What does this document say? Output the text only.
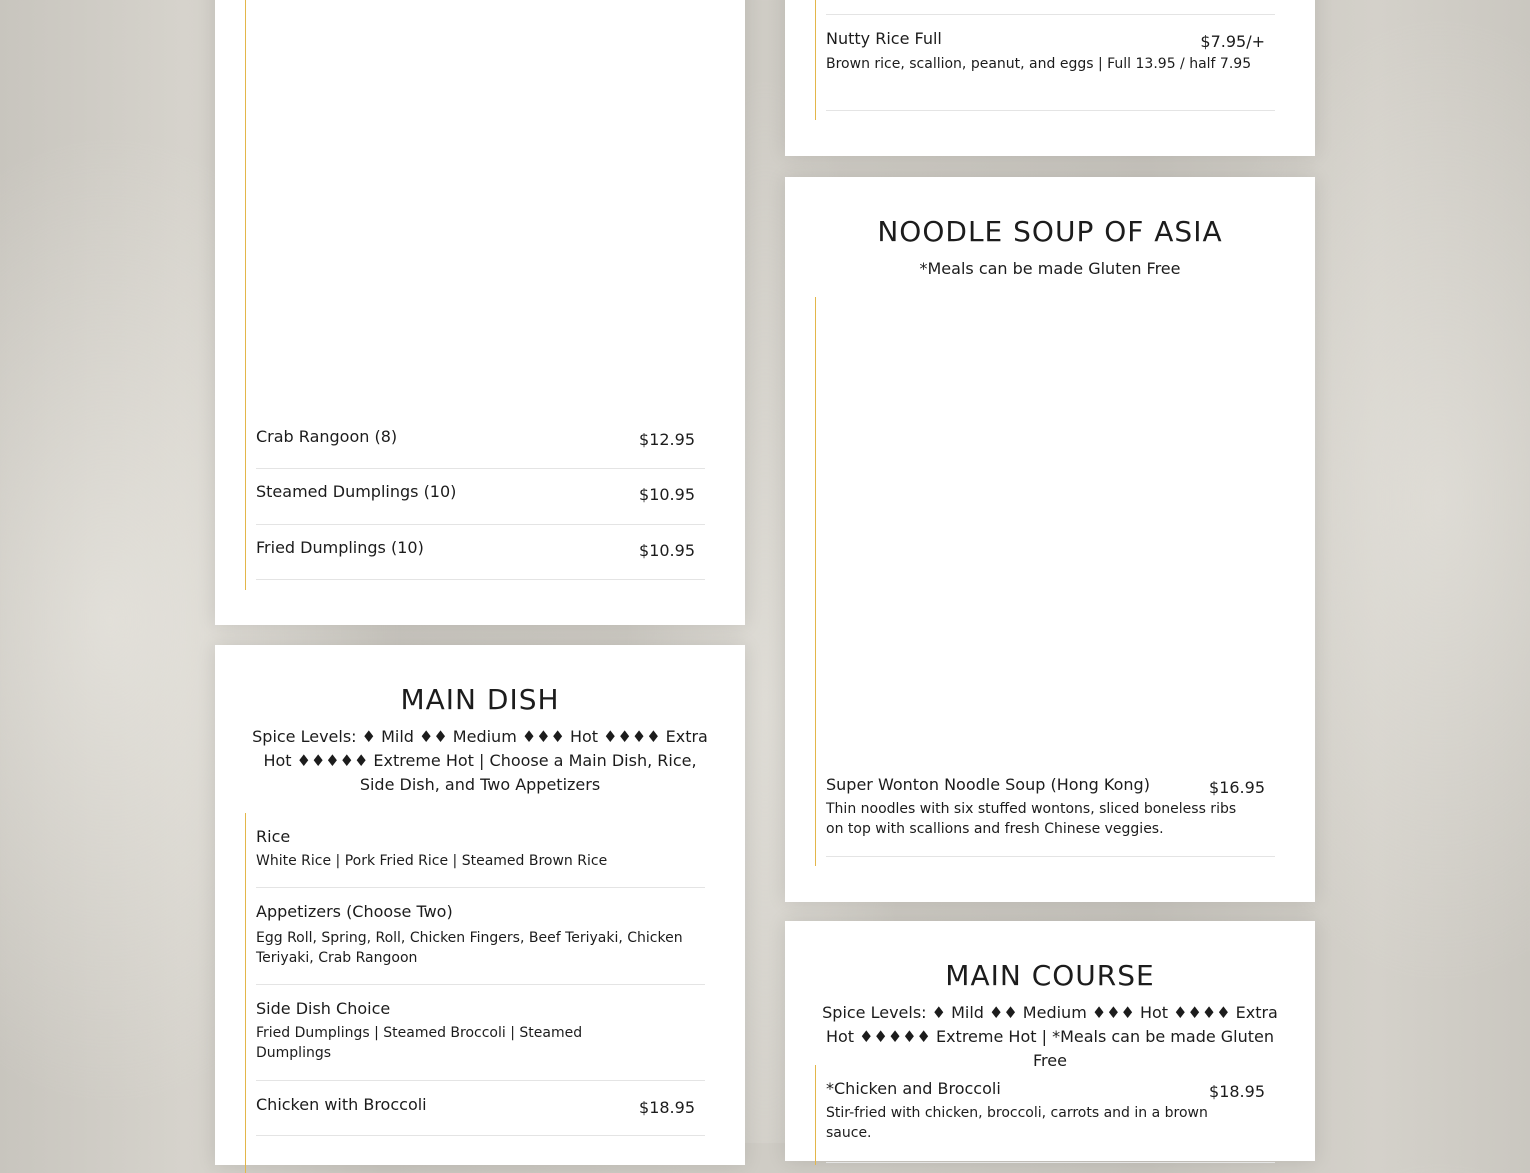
Crab Rangoon (8)	$12.95
Steamed Dumplings (10)	$10.95
Fried Dumplings (10)	$10.95
MAIN DISH

Spice Levels: ♦ Mild ♦♦ Medium ♦♦♦ Hot ♦♦♦♦ Extra Hot ♦♦♦♦♦ Extreme Hot | Choose a Main Dish, Rice, Side Dish, and Two Appetizers

Rice
White Rice | Pork Fried Rice | Steamed Brown Rice
Appetizers (Choose Two)
Egg Roll, Spring, Roll, Chicken Fingers, Beef Teriyaki, Chicken Teriyaki, Crab Rangoon
Side Dish Choice
Fried Dumplings | Steamed Broccoli | Steamed Dumplings
Chicken with Broccoli	$18.95
Nutty Rice Full	$7.95/+
Brown rice, scallion, peanut, and eggs | Full 13.95 / half 7.95
NOODLE SOUP OF ASIA

*Meals can be made Gluten Free

Super Wonton Noodle Soup (Hong Kong)	$16.95
Thin noodles with six stuffed wontons, sliced boneless ribs on top with scallions and fresh Chinese veggies.
MAIN COURSE

Spice Levels: ♦ Mild ♦♦ Medium ♦♦♦ Hot ♦♦♦♦ Extra Hot ♦♦♦♦♦ Extreme Hot | *Meals can be made Gluten Free

*Chicken and Broccoli	$18.95
Stir-fried with chicken, broccoli, carrots and in a brown sauce.
